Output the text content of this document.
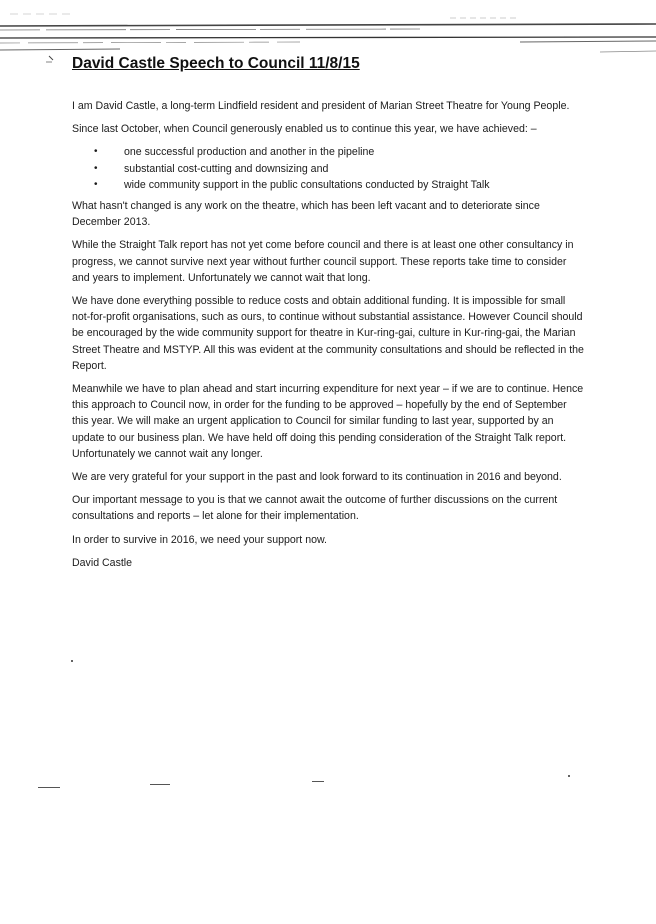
David Castle Speech to Council 11/8/15

I am David Castle, a long-term Lindfield resident and president of Marian Street Theatre for Young People.

Since last October, when Council generously enabled us to continue this year, we have achieved: –

• one successful production and another in the pipeline
• substantial cost-cutting and downsizing and
• wide community support in the public consultations conducted by Straight Talk

What hasn't changed is any work on the theatre, which has been left vacant and to deteriorate since December 2013.

While the Straight Talk report has not yet come before council and there is at least one other consultancy in progress, we cannot survive next year without further council support. These reports take time to consider and years to implement. Unfortunately we cannot wait that long.

We have done everything possible to reduce costs and obtain additional funding. It is impossible for small not-for-profit organisations, such as ours, to continue without substantial assistance. However Council should be encouraged by the wide community support for theatre in Kur-ring-gai, culture in Kur-ring-gai, the Marian Street Theatre and MSTYP. All this was evident at the community consultations and should be reflected in the Report.

Meanwhile we have to plan ahead and start incurring expenditure for next year – if we are to continue. Hence this approach to Council now, in order for the funding to be approved – hopefully by the end of September this year. We will make an urgent application to Council for similar funding to last year, supported by an update to our business plan. We have held off doing this pending consideration of the Straight Talk report. Unfortunately we cannot wait any longer.

We are very grateful for your support in the past and look forward to its continuation in 2016 and beyond.

Our important message to you is that we cannot await the outcome of further discussions on the current consultations and reports – let alone for their implementation.

In order to survive in 2016, we need your support now.

David Castle
